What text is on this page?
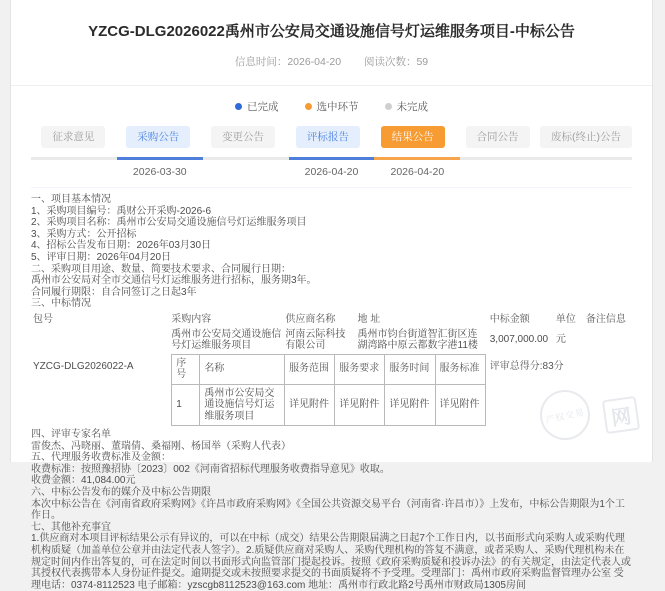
YZCG-DLG2026022禹州市公安局交通设施信号灯运维服务项目-中标公告
信息时间：2026-04-20 阅读次数：59
已完成	选中环节	未完成
征求意见	采购公告	变更公告	评标报告	结果公告	合同公告	废标(终止)公告
2026-03-30	2026-04-20	2026-04-20
一、项目基本情况
1、采购项目编号：禹财公开采购-2026-6
2、采购项目名称：禹州市公安局交通设施信号灯运维服务项目
3、采购方式：公开招标
4、招标公告发布日期：2026年03月30日
5、评审日期：2026年04月20日
二、采购项目用途、数量、简要技术要求、合同履行日期：
禹州市公安局对全市交通信号灯运维服务进行招标，服务期3年。
合同履行期限：自合同签订之日起3年
三、中标情况
包号	采购内容	供应商名称	地 址	中标金额	单位	备注信息
	禹州市公安局交通设施信号灯运维服务项目	河南云际科技有限公司	禹州市钧台街道智汇街区连湖湾路中原云都数字港11楼	3,007,000.00	元	
YZCG-DLG2026022-A		序号	名称	服务范围	服务要求	服务时间	服务标准
1	禹州市公安局交通设施信号灯运维服务项目	详见附件	详见附件	详见附件	详见附件
	评审总得分:83分
四、评审专家名单
雷俊杰、冯晓丽、董瑞倩、桑福刚、杨国举（采购人代表）
五、代理服务收费标准及金额：
收费标准：按照豫招协〔2023〕002《河南省招标代理服务收费指导意见》收取。
收费金额：41,084.00元
六、中标公告发布的媒介及中标公告期限
本次中标公告在《河南省政府采购网》《许昌市政府采购网》《全国公共资源交易平台（河南省·许昌市）》上发布，中标公告期限为1个工作日。
七、其他补充事宜
1.供应商对本项目评标结果公示有异议的，可以在中标（成交）结果公告期限届满之日起7个工作日内，以书面形式向采购人或采购代理机构质疑（加盖单位公章并由法定代表人签字）。2.质疑供应商对采购人、采购代理机构的答复不满意，或者采购人、采购代理机构未在规定时间内作出答复的，可在法定时间以书面形式向监管部门提起投诉。按照《政府采购质疑和投诉办法》的有关规定，由法定代表人或其授权代表携带本人身份证件提交。逾期提交或未按照要求提交的书面质疑将不予受理。受理部门：禹州市政府采购监督管理办公室 受理电话：0374-8112523 电子邮箱：yzscgb8112523@163.com 地址：禹州市行政北路2号禹州市财政局1305房间
产权交易	网
